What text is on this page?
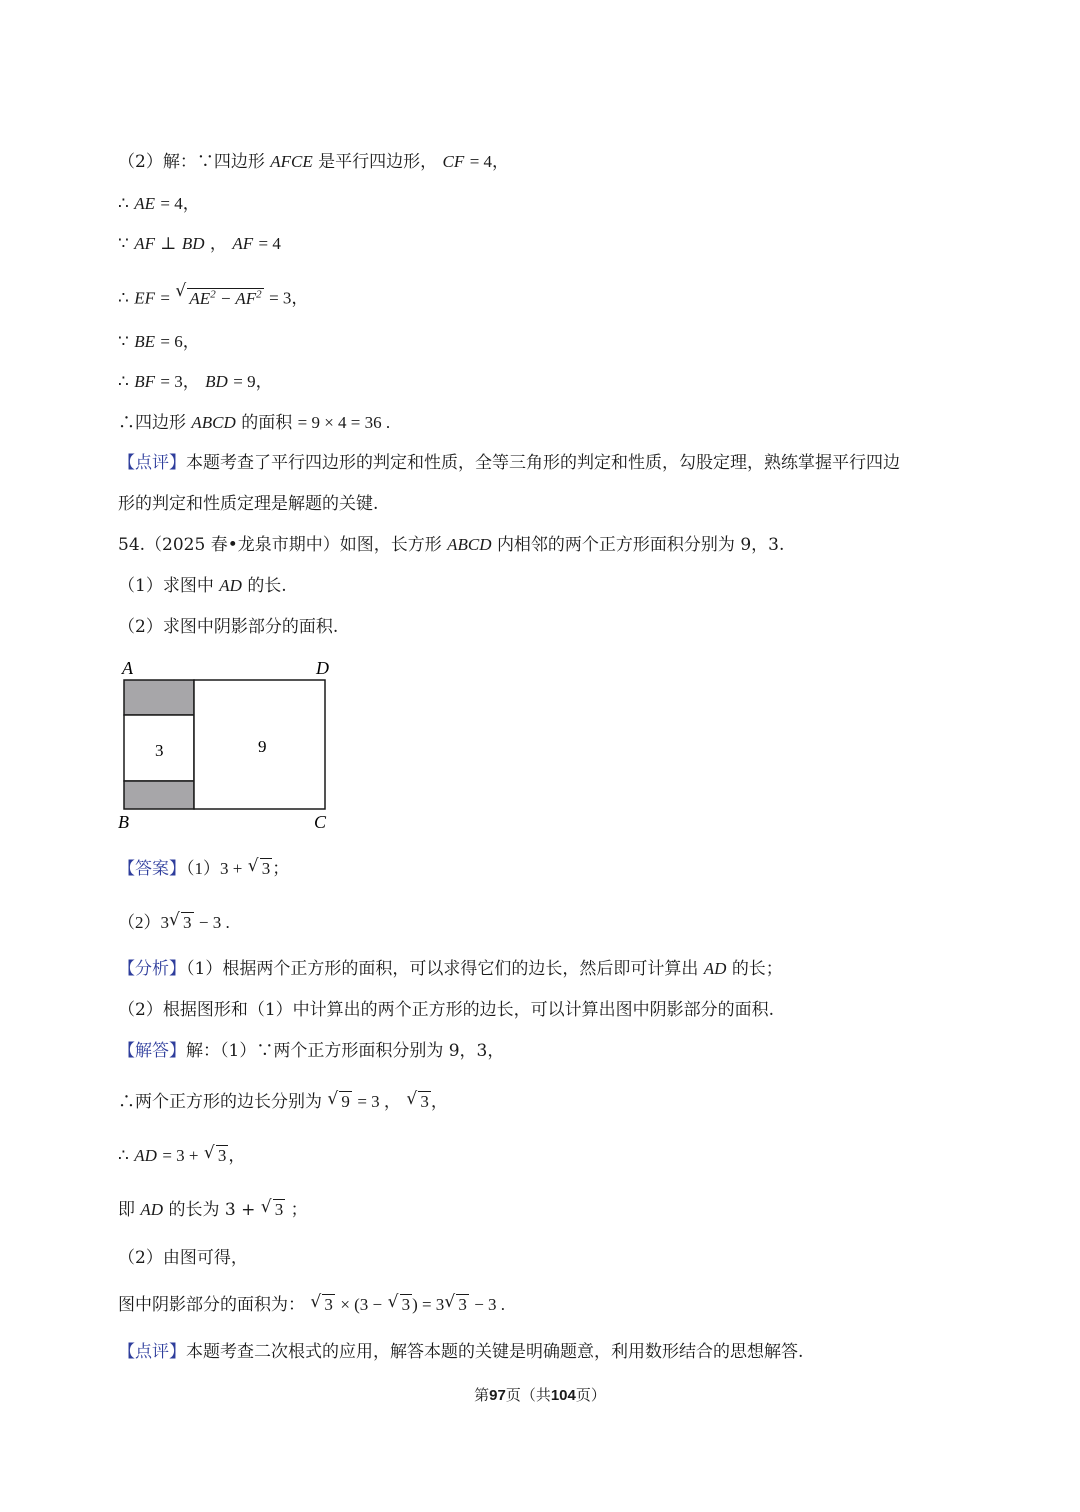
（2）解：∵四边形 AFCE 是平行四边形， CF = 4，
∴ AE = 4，
∵ AF ⊥ BD ， AF = 4
∴ EF = √ $AE^2 - AF^2 = 3$，
∵ BE = 6，
∴ BF = 3， BD = 9，
∴四边形 ABCD 的面积 = 9 × 4 = 36 .
【点评】本题考查了平行四边形的判定和性质，全等三角形的判定和性质，勾股定理，熟练掌握平行四边
形的判定和性质定理是解题的关键.
54.（2025 春•龙泉市期中）如图，长方形 ABCD 内相邻的两个正方形面积分别为 9，3.
（1）求图中 AD 的长.
（2）求图中阴影部分的面积.
A	D
B	C
3	9
【答案】（1）3 + √ 3 ；
（2）3 √ 3 − 3 .
【分析】（1）根据两个正方形的面积，可以求得它们的边长，然后即可计算出 AD 的长；
（2）根据图形和（1）中计算出的两个正方形的边长，可以计算出图中阴影部分的面积.
【解答】解：（1）∵两个正方形面积分别为 9，3，
∴两个正方形的边长分别为 √ 9 = 3 ， √ 3 ，
∴ AD = 3 + √ 3 ，
即 AD 的长为 3 + √ 3 ；
（2）由图可得，
图中阴影部分的面积为： √ 3 × (3 − √ 3 ) = 3 √ 3 − 3 .
【点评】本题考查二次根式的应用，解答本题的关键是明确题意，利用数形结合的思想解答.
第97页（共104页）
